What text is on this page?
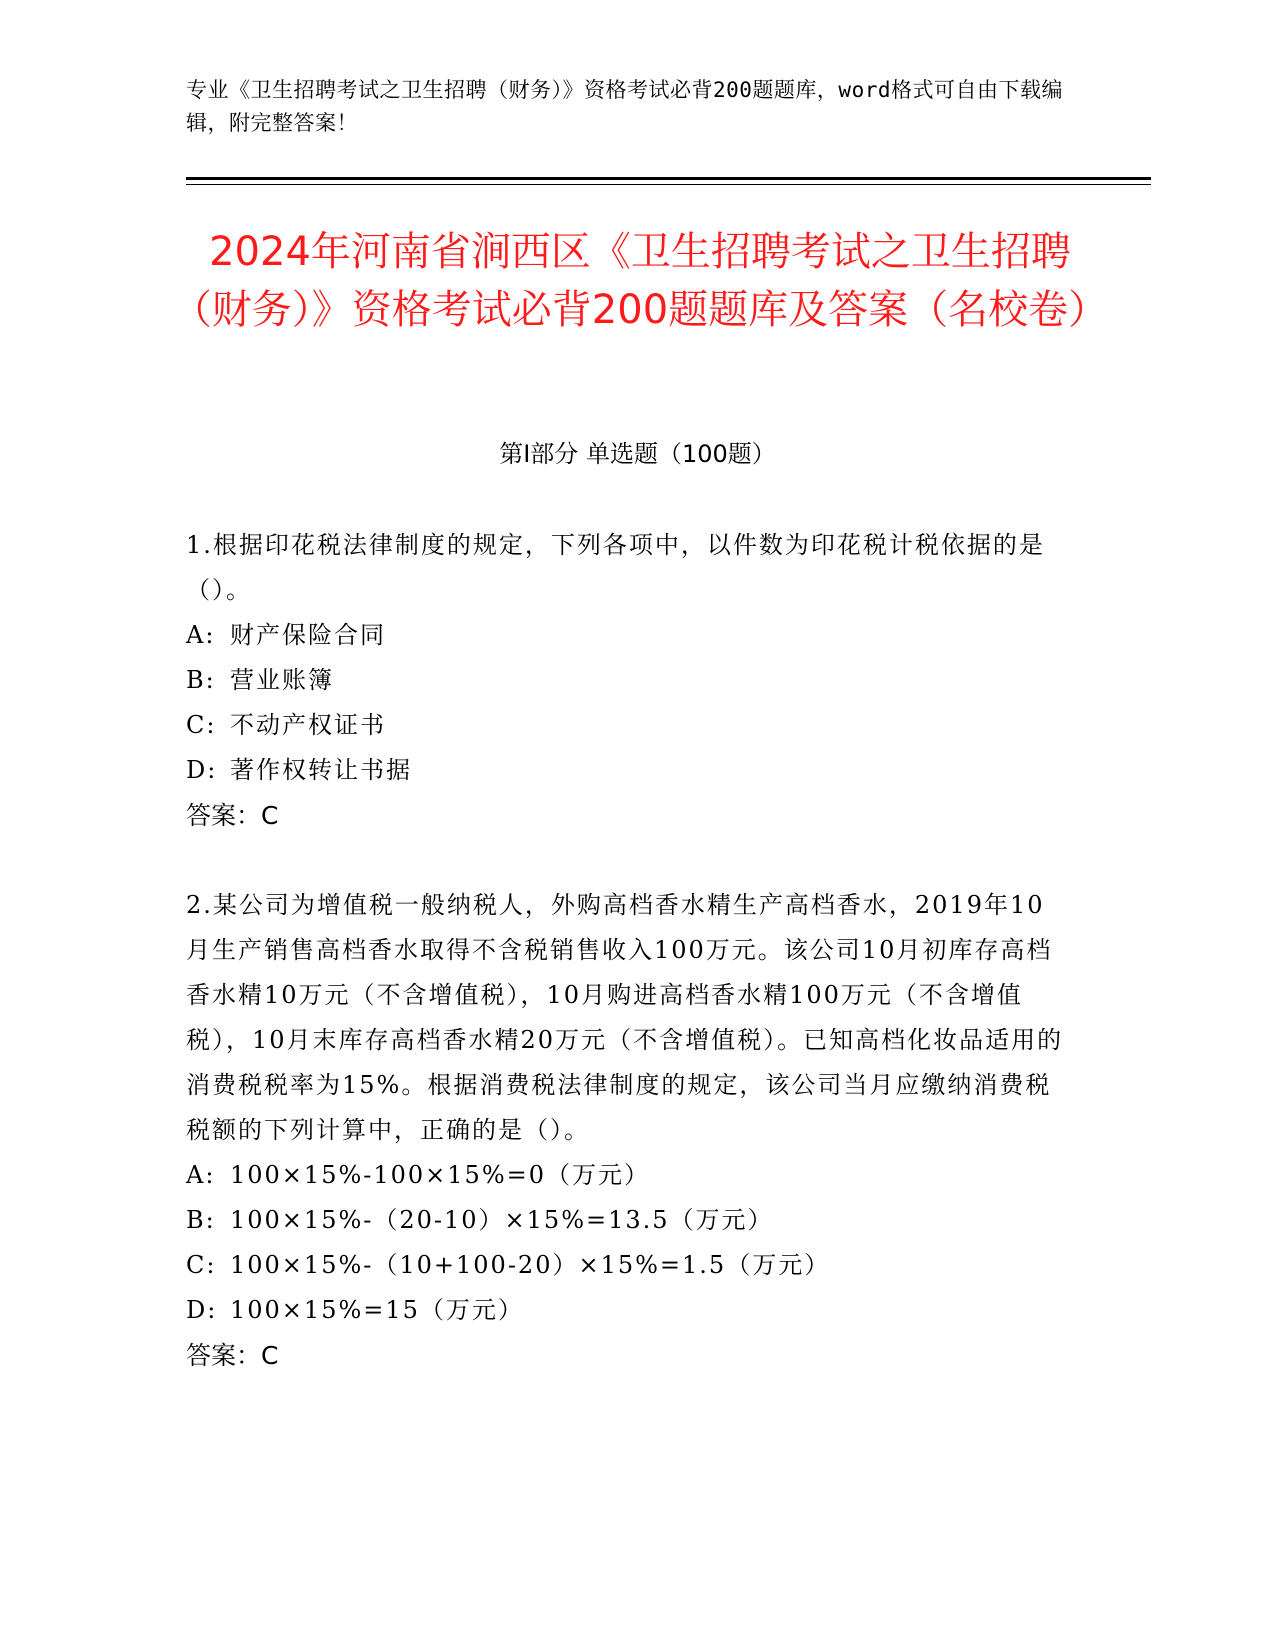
专业《卫生招聘考试之卫生招聘（财务）》资格考试必背200题题库，word格式可自由下载编辑，附完整答案！
2024年河南省涧西区《卫生招聘考试之卫生招聘（财务）》资格考试必背200题题库及答案（名校卷）
第Ⅰ部分 单选题（100题）
1.根据印花税法律制度的规定，下列各项中，以件数为印花税计税依据的是（）。
A: 财产保险合同
B: 营业账簿
C: 不动产权证书
D: 著作权转让书据
答案：C
2.某公司为增值税一般纳税人，外购高档香水精生产高档香水，2019年10月生产销售高档香水取得不含税销售收入100万元。该公司10月初库存高档香水精10万元（不含增值税），10月购进高档香水精100万元（不含增值税），10月末库存高档香水精20万元（不含增值税）。已知高档化妆品适用的消费税税率为15%。根据消费税法律制度的规定，该公司当月应缴纳消费税税额的下列计算中，正确的是（）。
A: 100×15%-100×15%=0（万元）
B: 100×15%-（20-10）×15%=13.5（万元）
C: 100×15%-（10+100-20）×15%=1.5（万元）
D: 100×15%=15（万元）
答案：C
